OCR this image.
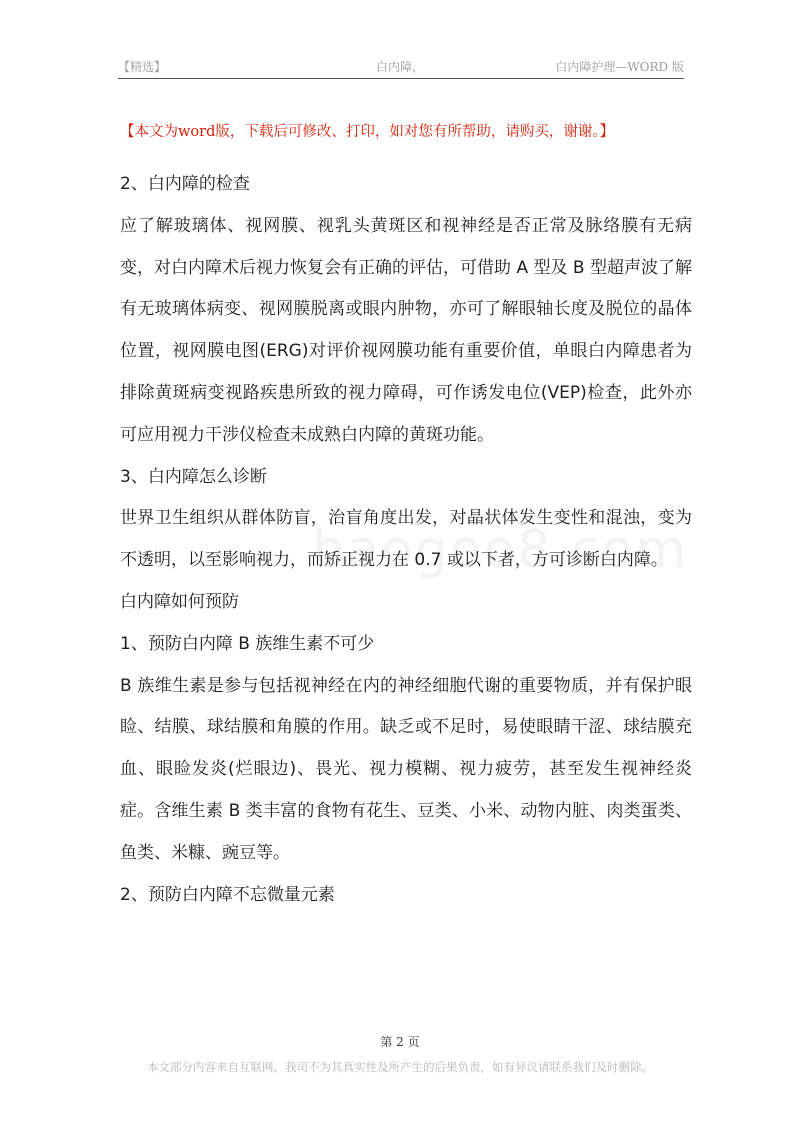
【精选】	白内障，	白内障护理—WORD 版
【本文为word版，下载后可修改、打印，如对您有所帮助，请购买，谢谢。】

2、白内障的检查

应了解玻璃体、视网膜、视乳头黄斑区和视神经是否正常及脉络膜有无病变，对白内障术后视力恢复会有正确的评估，可借助 A 型及 B 型超声波了解有无玻璃体病变、视网膜脱离或眼内肿物，亦可了解眼轴长度及脱位的晶体位置，视网膜电图(ERG)对评价视网膜功能有重要价值，单眼白内障患者为排除黄斑病变视路疾患所致的视力障碍，可作诱发电位(VEP)检查，此外亦可应用视力干涉仪检查未成熟白内障的黄斑功能。

3、白内障怎么诊断

世界卫生组织从群体防盲，治盲角度出发，对晶状体发生变性和混浊，变为不透明，以至影响视力，而矫正视力在 0.7 或以下者，方可诊断白内障。

白内障如何预防

1、预防白内障 B 族维生素不可少

B 族维生素是参与包括视神经在内的神经细胞代谢的重要物质，并有保护眼睑、结膜、球结膜和角膜的作用。缺乏或不足时，易使眼睛干涩、球结膜充血、眼睑发炎(烂眼边)、畏光、视力模糊、视力疲劳，甚至发生视神经炎症。含维生素 B 类丰富的食物有花生、豆类、小米、动物内脏、肉类蛋类、鱼类、米糠、豌豆等。

2、预防白内障不忘微量元素

第 2 页
本文部分内容来自互联网，我司不为其真实性及所产生的后果负责，如有异议请联系我们及时删除。
